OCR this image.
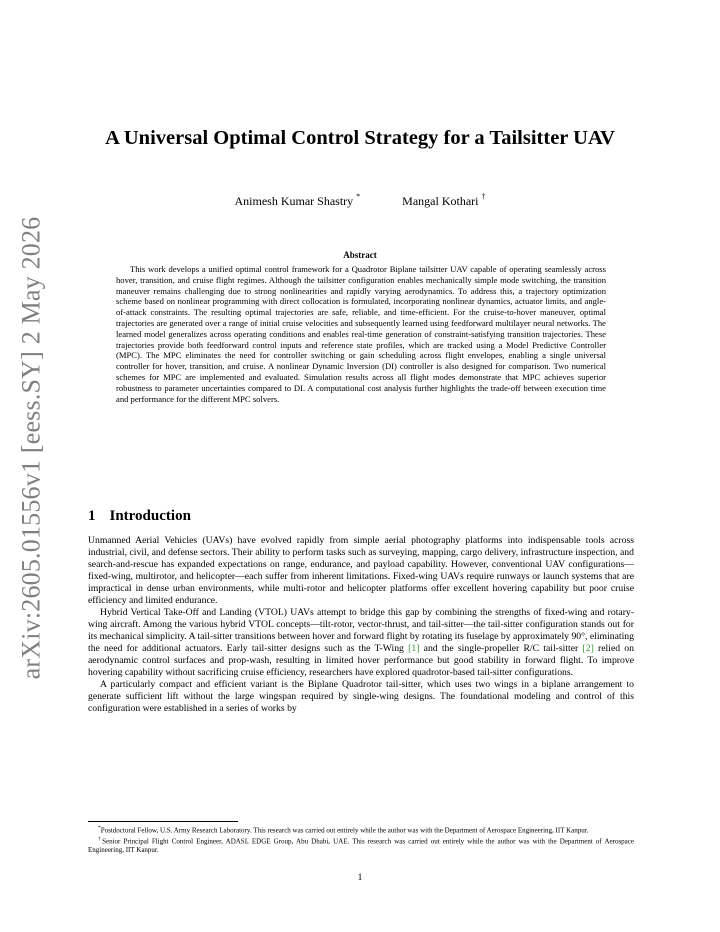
arXiv:2605.01556v1 [eess.SY] 2 May 2026
A Universal Optimal Control Strategy for a Tailsitter UAV
Animesh Kumar Shastry *	Mangal Kothari †
Abstract

This work develops a unified optimal control framework for a Quadrotor Biplane tailsitter UAV capable of operating seamlessly across hover, transition, and cruise flight regimes. Although the tailsitter configuration enables mechanically simple mode switching, the transition maneuver remains challenging due to strong nonlinearities and rapidly varying aerodynamics. To address this, a trajectory optimization scheme based on nonlinear programming with direct collocation is formulated, incorporating nonlinear dynamics, actuator limits, and angle-of-attack constraints. The resulting optimal trajectories are safe, reliable, and time-efficient. For the cruise-to-hover maneuver, optimal trajectories are generated over a range of initial cruise velocities and subsequently learned using feedforward multilayer neural networks. The learned model generalizes across operating conditions and enables real-time generation of constraint-satisfying transition trajectories. These trajectories provide both feedforward control inputs and reference state profiles, which are tracked using a Model Predictive Controller (MPC). The MPC eliminates the need for controller switching or gain scheduling across flight envelopes, enabling a single universal controller for hover, transition, and cruise. A nonlinear Dynamic Inversion (DI) controller is also designed for comparison. Two numerical schemes for MPC are implemented and evaluated. Simulation results across all flight modes demonstrate that MPC achieves superior robustness to parameter uncertainties compared to DI. A computational cost analysis further highlights the trade-off between execution time and performance for the different MPC solvers.

1 Introduction

Unmanned Aerial Vehicles (UAVs) have evolved rapidly from simple aerial photography platforms into indispensable tools across industrial, civil, and defense sectors. Their ability to perform tasks such as surveying, mapping, cargo delivery, infrastructure inspection, and search-and-rescue has expanded expectations on range, endurance, and payload capability. However, conventional UAV configurations—fixed-wing, multirotor, and helicopter—each suffer from inherent limitations. Fixed-wing UAVs require runways or launch systems that are impractical in dense urban environments, while multi-rotor and helicopter platforms offer excellent hovering capability but poor cruise efficiency and limited endurance.

Hybrid Vertical Take-Off and Landing (VTOL) UAVs attempt to bridge this gap by combining the strengths of fixed-wing and rotary-wing aircraft. Among the various hybrid VTOL concepts—tilt-rotor, vector-thrust, and tail-sitter—the tail-sitter configuration stands out for its mechanical simplicity. A tail-sitter transitions between hover and forward flight by rotating its fuselage by approximately 90°, eliminating the need for additional actuators. Early tail-sitter designs such as the T-Wing [1] and the single-propeller R/C tail-sitter [2] relied on aerodynamic control surfaces and prop-wash, resulting in limited hover performance but good stability in forward flight. To improve hovering capability without sacrificing cruise efficiency, researchers have explored quadrotor-based tail-sitter configurations.

A particularly compact and efficient variant is the Biplane Quadrotor tail-sitter, which uses two wings in a biplane arrangement to generate sufficient lift without the large wingspan required by single-wing designs. The foundational modeling and control of this configuration were established in a series of works by

*Postdoctoral Fellow, U.S. Army Research Laboratory. This research was carried out entirely while the author was with the Department of Aerospace Engineering, IIT Kanpur.

†Senior Principal Flight Control Engineer, ADASI, EDGE Group, Abu Dhabi, UAE. This research was carried out entirely while the author was with the Department of Aerospace Engineering, IIT Kanpur.

1
